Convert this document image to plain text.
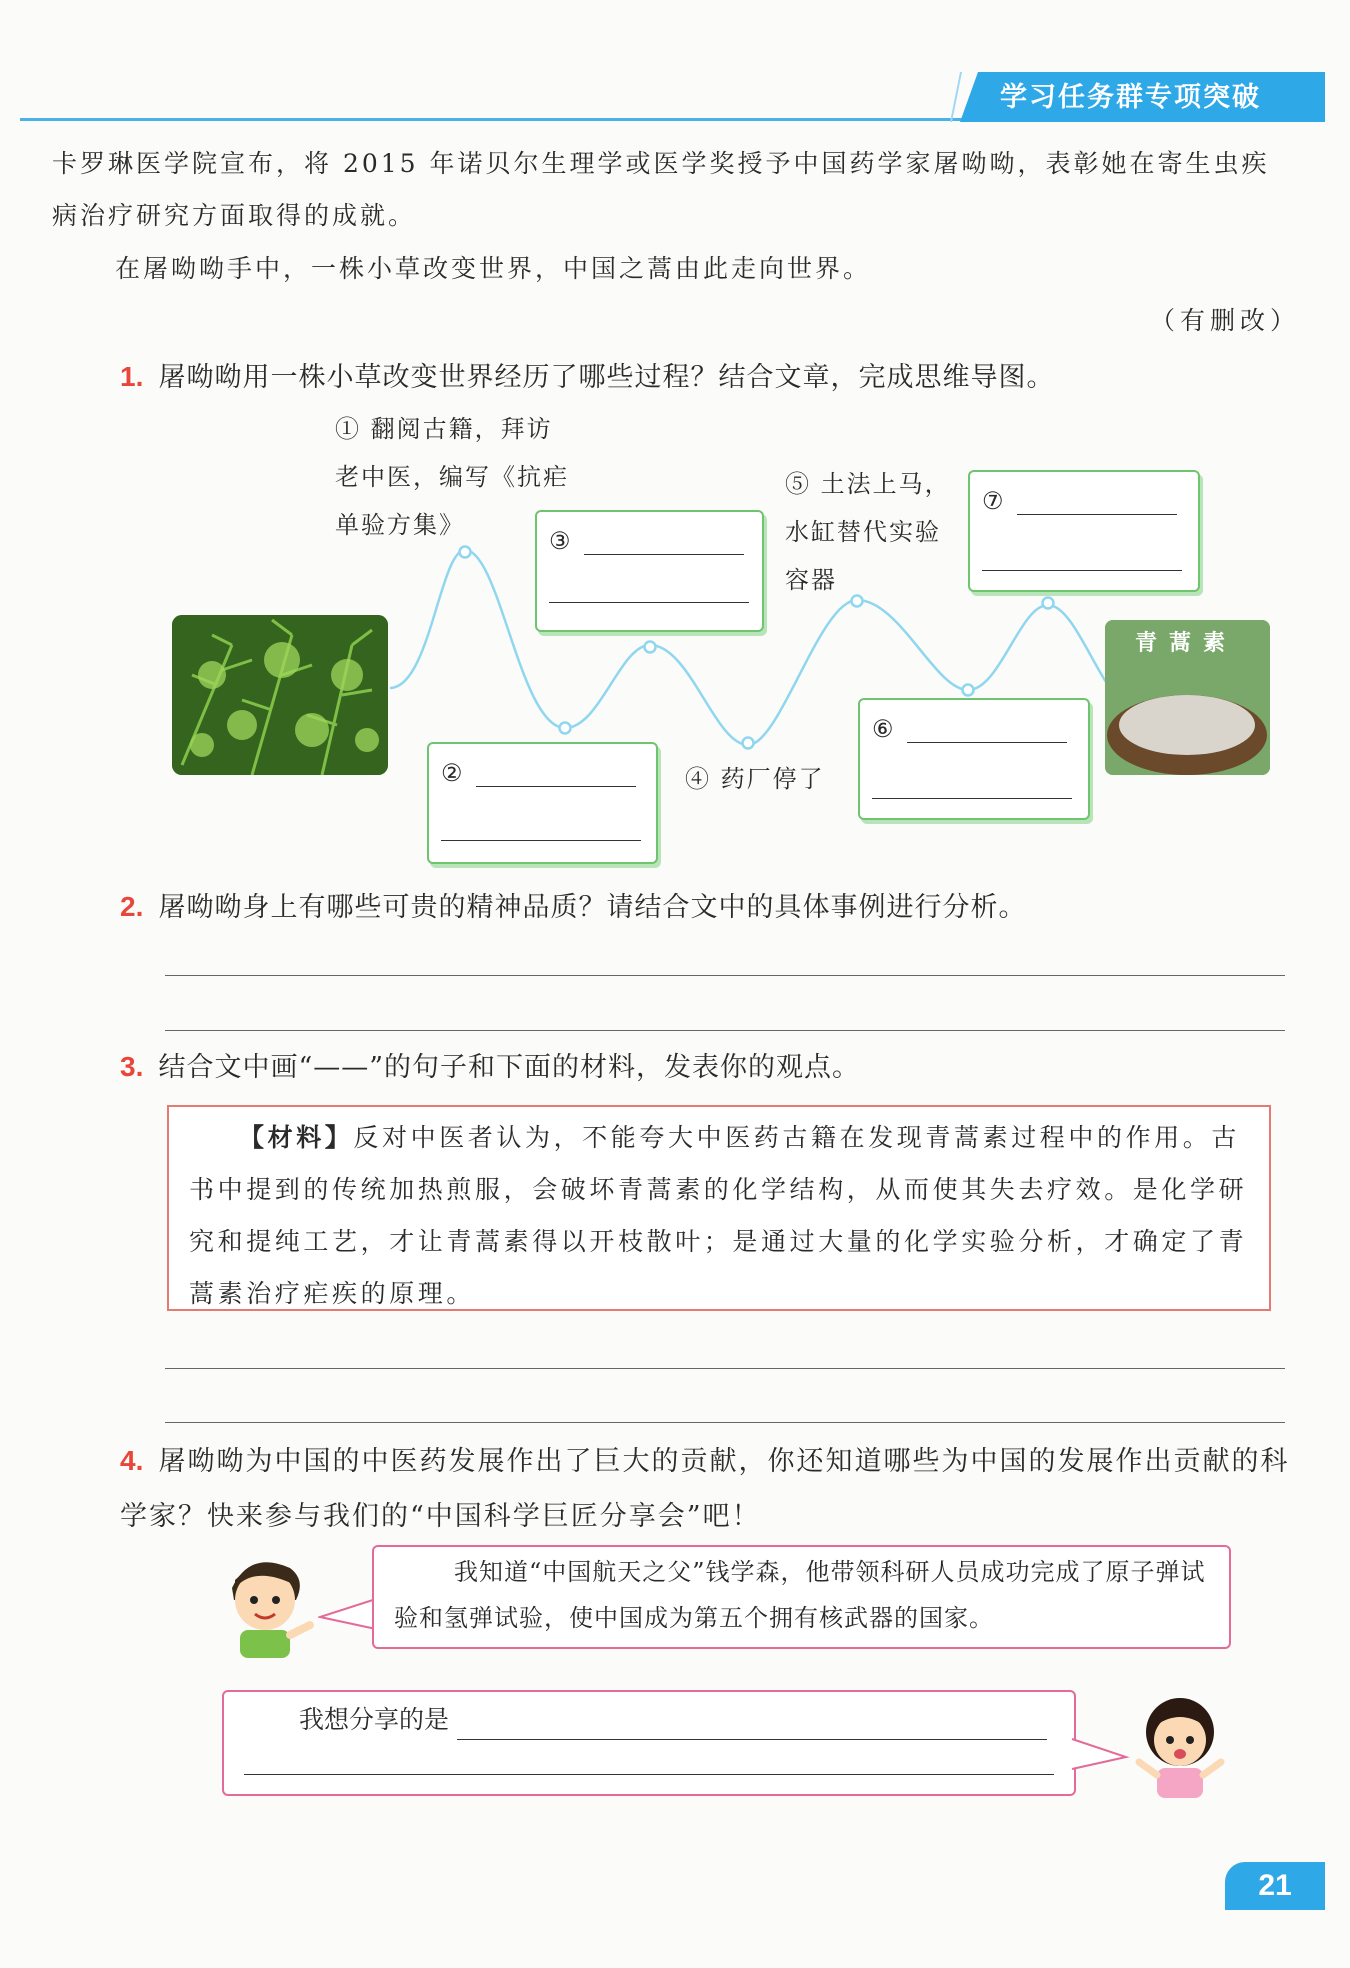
学习任务群专项突破
卡罗琳医学院宣布，将 2015 年诺贝尔生理学或医学奖授予中国药学家屠呦呦，表彰她在寄生虫疾病治疗研究方面取得的成就。
在屠呦呦手中，一株小草改变世界，中国之蒿由此走向世界。
（有删改）
1. 屠呦呦用一株小草改变世界经历了哪些过程？结合文章，完成思维导图。
青蒿素
① 翻阅古籍，拜访老中医，编写《抗疟单验方集》
③
⑤ 土法上马，水缸替代实验容器
⑦
②	④ 药厂停了
⑥
2. 屠呦呦身上有哪些可贵的精神品质？请结合文中的具体事例进行分析。
3. 结合文中画“——”的句子和下面的材料，发表你的观点。
【材料】反对中医者认为，不能夸大中医药古籍在发现青蒿素过程中的作用。古书中提到的传统加热煎服，会破坏青蒿素的化学结构，从而使其失去疗效。是化学研究和提纯工艺，才让青蒿素得以开枝散叶；是通过大量的化学实验分析，才确定了青蒿素治疗疟疾的原理。
4. 屠呦呦为中国的中医药发展作出了巨大的贡献，你还知道哪些为中国的发展作出贡献的科学家？快来参与我们的“中国科学巨匠分享会”吧！
我知道“中国航天之父”钱学森，他带领科研人员成功完成了原子弹试验和氢弹试验，使中国成为第五个拥有核武器的国家。
我想分享的是
21
